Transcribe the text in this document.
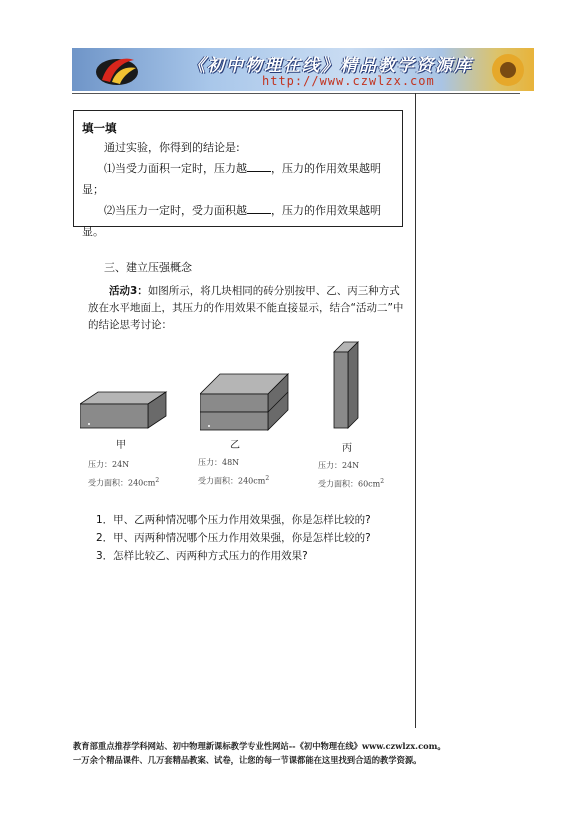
《初中物理在线》精品教学资源库
http://www.czwlzx.com
填一填

通过实验，你得到的结论是:

⑴当受力面积一定时，压力越 ，压力的作用效果越明显；

⑵当压力一定时，受力面积越 ，压力的作用效果越明显。

三、建立压强概念
活动3：如图所示，将几块相同的砖分别按甲、乙、丙三种方式放在水平地面上，其压力的作用效果不能直接显示，结合“活动二”中的结论思考讨论：
甲
压力：24N
受力面积：$240cm^2$
乙
压力：48N
受力面积：$240cm^2$
丙
压力：24N
受力面积：$60cm^2$
1．甲、乙两种情况哪个压力作用效果强，你是怎样比较的?
2．甲、丙两种情况哪个压力作用效果强，你是怎样比较的?
3．怎样比较乙、丙两种方式压力的作用效果?
教育部重点推荐学科网站、初中物理新课标教学专业性网站--《初中物理在线》www.czwlzx.com。
一万余个精品课件、几万套精品教案、试卷，让您的每一节课都能在这里找到合适的教学资源。
